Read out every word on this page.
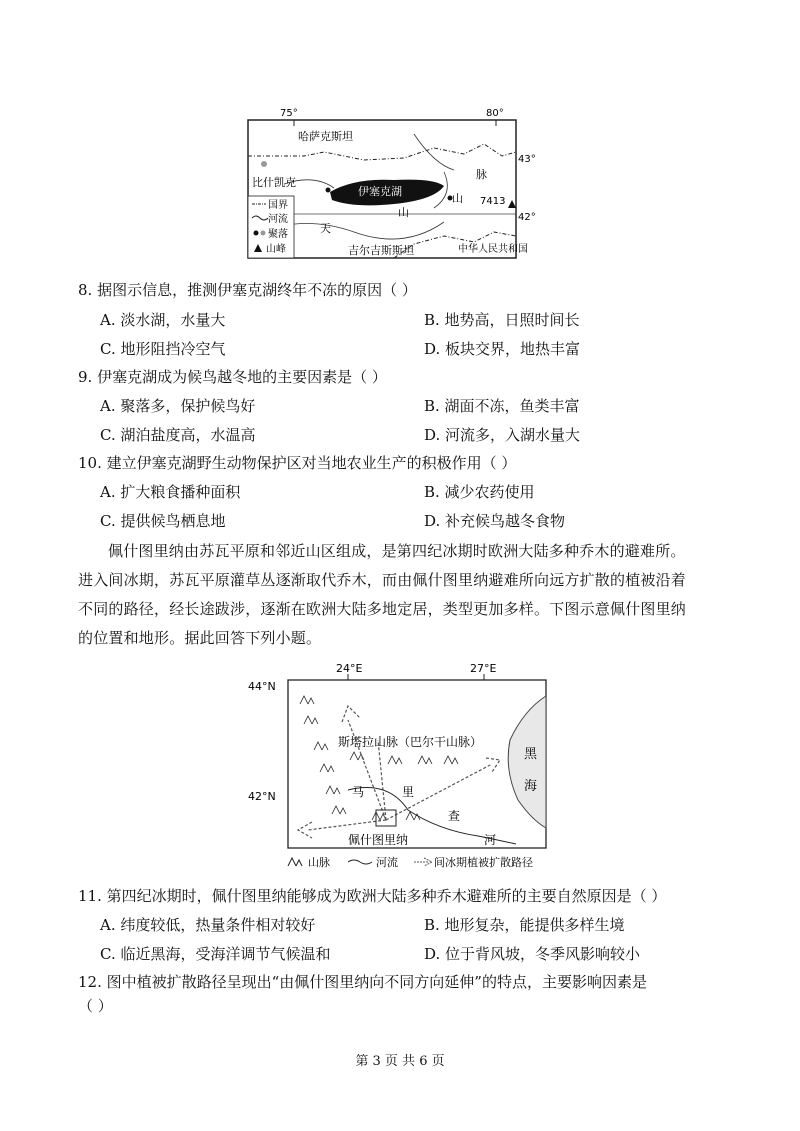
75°	80°
43°
42°
伊塞克湖
哈萨克斯坦
比什凯克
脉
山
山
天
7413
吉尔吉斯斯坦	中华人民共和国
国界
河流
聚落
山峰
8. 据图示信息，推测伊塞克湖终年不冻的原因（ ）
A. 淡水湖，水量大	B. 地势高，日照时间长
C. 地形阻挡冷空气	D. 板块交界，地热丰富
9. 伊塞克湖成为候鸟越冬地的主要因素是（ ）
A. 聚落多，保护候鸟好	B. 湖面不冻，鱼类丰富
C. 湖泊盐度高，水温高	D. 河流多，入湖水量大
10. 建立伊塞克湖野生动物保护区对当地农业生产的积极作用（ ）
A. 扩大粮食播种面积	B. 减少农药使用
C. 提供候鸟栖息地	D. 补充候鸟越冬食物

佩什图里纳由苏瓦平原和邻近山区组成，是第四纪冰期时欧洲大陆多种乔木的避难所。

进入间冰期，苏瓦平原灌草丛逐渐取代乔木，而由佩什图里纳避难所向远方扩散的植被沿着

不同的路径，经长途跋涉，逐渐在欧洲大陆多地定居，类型更加多样。下图示意佩什图里纳

的位置和地形。据此回答下列小题。

24°E	27°E
44°N
42°N
黑
海
斯塔拉山脉（巴尔干山脉）
马	里
查
河
佩什图里纳
山脉	河流	间冰期植被扩散路径
11. 第四纪冰期时，佩什图里纳能够成为欧洲大陆多种乔木避难所的主要自然原因是（ ）
A. 纬度较低，热量条件相对较好	B. 地形复杂，能提供多样生境
C. 临近黑海，受海洋调节气候温和	D. 位于背风坡，冬季风影响较小
12. 图中植被扩散路径呈现出“由佩什图里纳向不同方向延伸”的特点，主要影响因素是
（ ）
第 3 页 共 6 页
